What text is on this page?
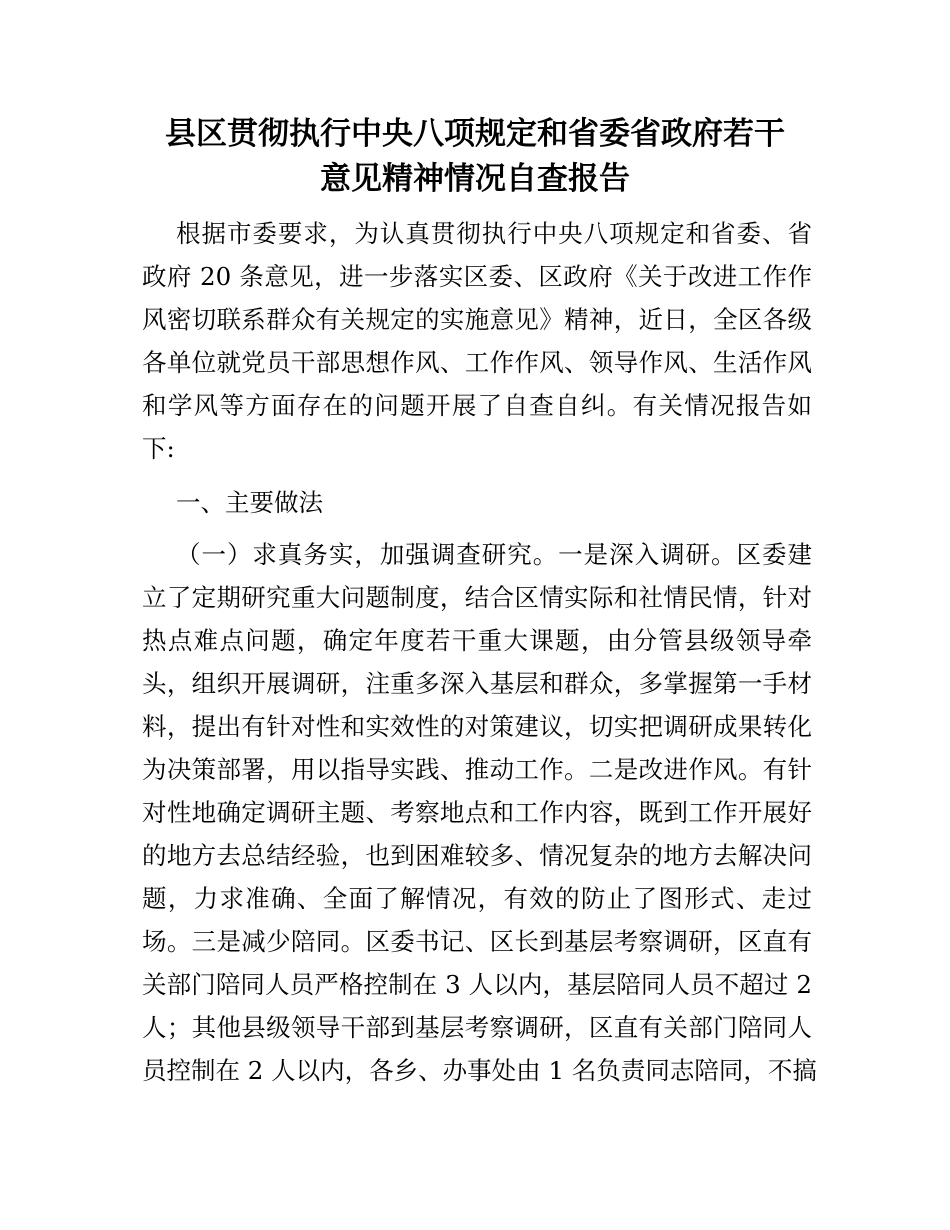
县区贯彻执行中央八项规定和省委省政府若干
意见精神情况自查报告
根据市委要求，为认真贯彻执行中央八项规定和省委、省
政府 20 条意见，进一步落实区委、区政府《关于改进工作作
风密切联系群众有关规定的实施意见》精神，近日，全区各级
各单位就党员干部思想作风、工作作风、领导作风、生活作风
和学风等方面存在的问题开展了自查自纠。有关情况报告如
下:
一、主要做法
（一）求真务实，加强调查研究。一是深入调研。区委建
立了定期研究重大问题制度，结合区情实际和社情民情，针对
热点难点问题，确定年度若干重大课题，由分管县级领导牵
头，组织开展调研，注重多深入基层和群众，多掌握第一手材
料，提出有针对性和实效性的对策建议，切实把调研成果转化
为决策部署，用以指导实践、推动工作。二是改进作风。有针
对性地确定调研主题、考察地点和工作内容，既到工作开展好
的地方去总结经验，也到困难较多、情况复杂的地方去解决问
题，力求准确、全面了解情况，有效的防止了图形式、走过
场。三是减少陪同。区委书记、区长到基层考察调研，区直有
关部门陪同人员严格控制在 3 人以内，基层陪同人员不超过 2
人；其他县级领导干部到基层考察调研，区直有关部门陪同人
员控制在 2 人以内，各乡、办事处由 1 名负责同志陪同，不搞
